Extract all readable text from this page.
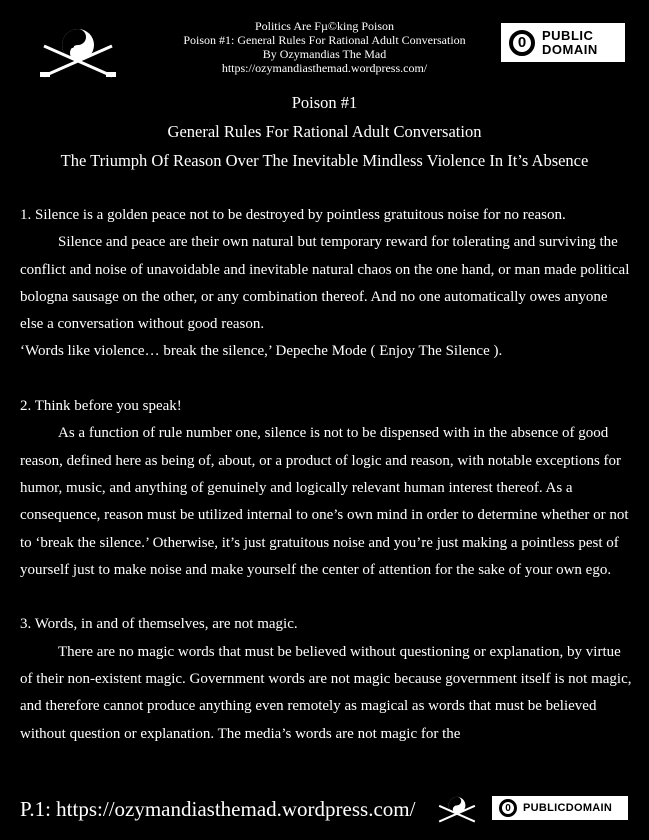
Politics Are Fµ©king Poison
Poison #1: General Rules For Rational Adult Conversation
By Ozymandias The Mad
https://ozymandiasthemad.wordpress.com/
0	PUBLIC
DOMAIN
Poison #1
General Rules For Rational Adult Conversation
The Triumph Of Reason Over The Inevitable Mindless Violence In It’s Absence

1. Silence is a golden peace not to be destroyed by pointless gratuitous noise for no reason.

Silence and peace are their own natural but temporary reward for tolerating and surviving the conflict and noise of unavoidable and inevitable natural chaos on the one hand, or man made political bologna sausage on the other, or any combination thereof. And no one automatically owes anyone else a conversation without good reason.

‘Words like violence… break the silence,’ Depeche Mode ( Enjoy The Silence ).

2. Think before you speak!

As a function of rule number one, silence is not to be dispensed with in the absence of good reason, defined here as being of, about, or a product of logic and reason, with notable exceptions for humor, music, and anything of genuinely and logically relevant human interest thereof. As a consequence, reason must be utilized internal to one’s own mind in order to determine whether or not to ‘break the silence.’ Otherwise, it’s just gratuitous noise and you’re just making a pointless pest of yourself just to make noise and make yourself the center of attention for the sake of your own ego.

3. Words, in and of themselves, are not magic.

There are no magic words that must be believed without questioning or explanation, by virtue of their non-existent magic. Government words are not magic because government itself is not magic, and therefore cannot produce anything even remotely as magical as words that must be believed without question or explanation. The media’s words are not magic for the

P.1: https://ozymandiasthemad.wordpress.com/	0	PUBLICDOMAIN
